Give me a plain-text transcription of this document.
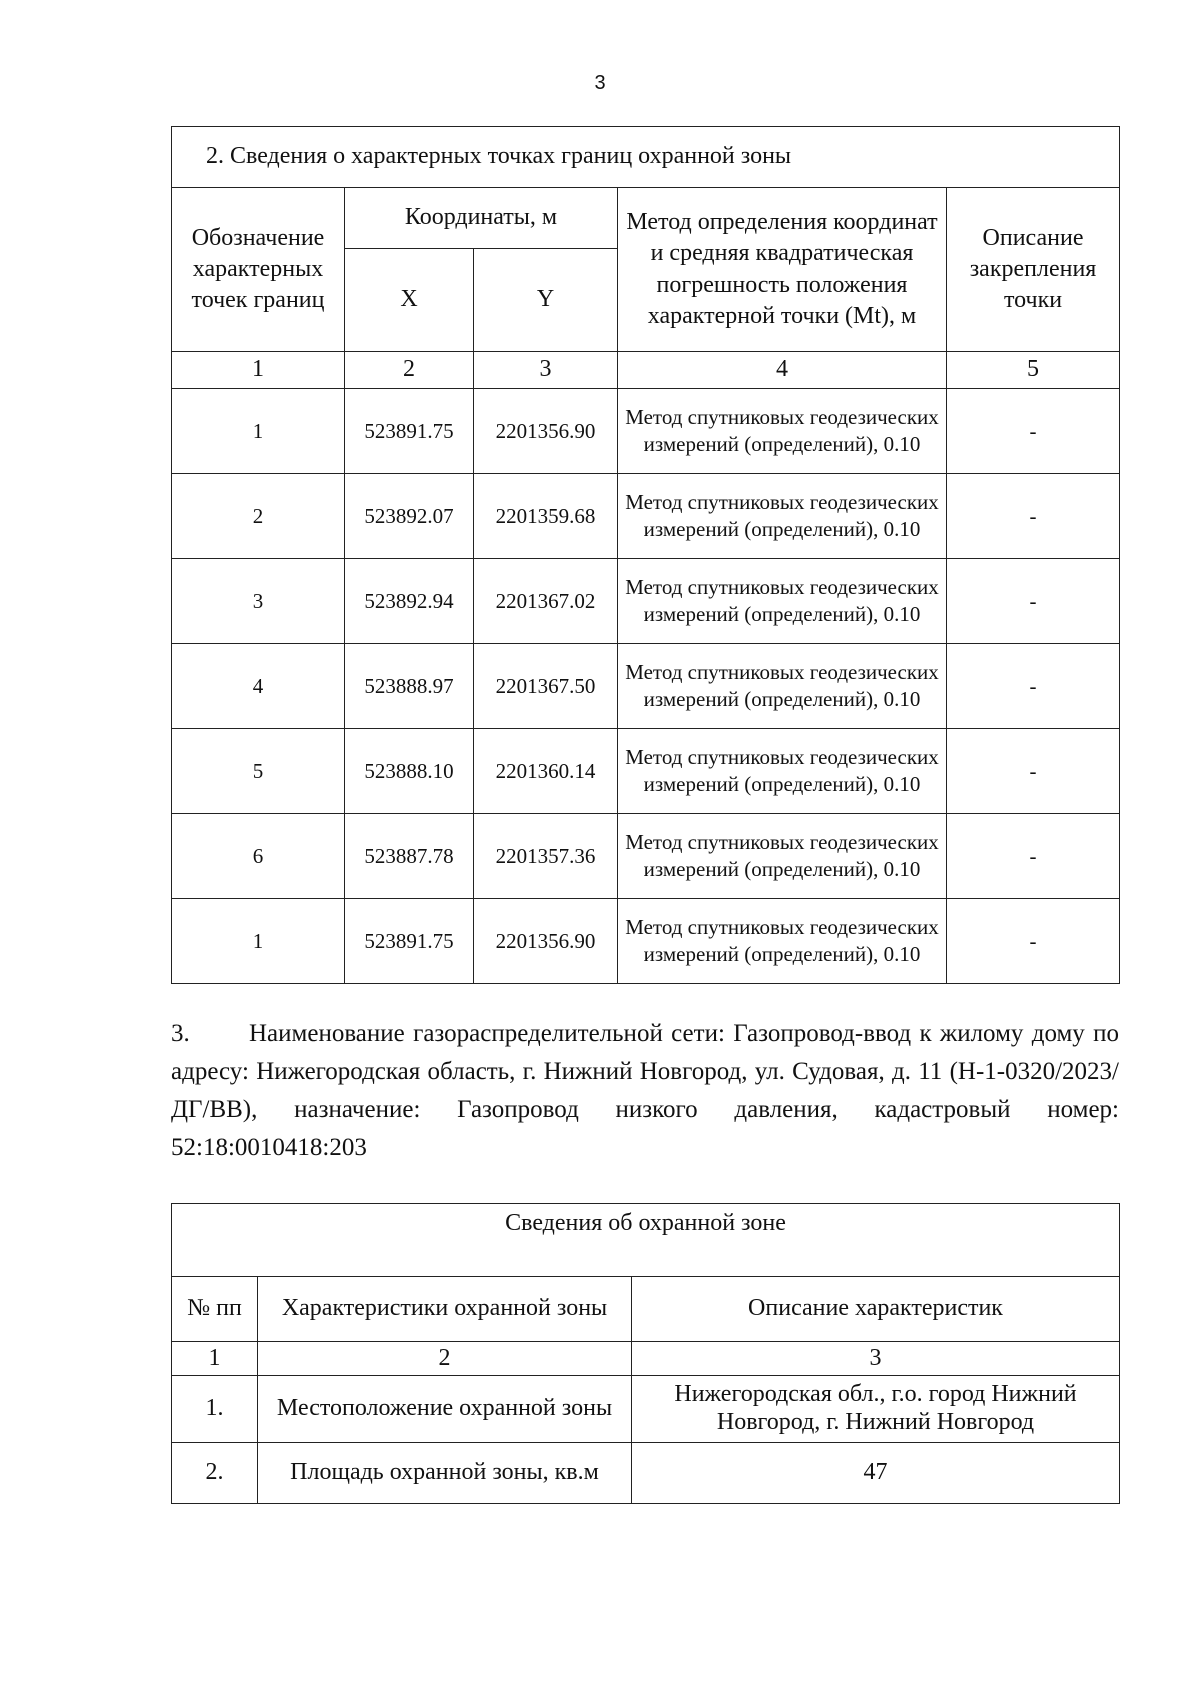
3
2. Сведения о характерных точках границ охранной зоны				
Обозначение характерных точек границ	Координаты, м		Метод определения координат и средняя квадратическая погрешность положения характерной точки (Mt), м	Описание закрепления точки
	X	Y		
1	2	3	4	5
1	523891.75	2201356.90	Метод спутниковых геодезических измерений (определений), 0.10	-
2	523892.07	2201359.68	Метод спутниковых геодезических измерений (определений), 0.10	-
3	523892.94	2201367.02	Метод спутниковых геодезических измерений (определений), 0.10	-
4	523888.97	2201367.50	Метод спутниковых геодезических измерений (определений), 0.10	-
5	523888.10	2201360.14	Метод спутниковых геодезических измерений (определений), 0.10	-
6	523887.78	2201357.36	Метод спутниковых геодезических измерений (определений), 0.10	-
1	523891.75	2201356.90	Метод спутниковых геодезических измерений (определений), 0.10	-
3. Наименование газораспределительной сети: Газопровод-ввод к жилому дому по адресу: Нижегородская область, г. Нижний Новгород, ул. Судовая, д. 11 (Н-1-0320/2023/ДГ/ВВ), назначение: Газопровод низкого давления, кадастровый номер: 52:18:0010418:203
Сведения об охранной зоне		
№ пп	Характеристики охранной зоны	Описание характеристик
1	2	3
1.	Местоположение охранной зоны	Нижегородская обл., г.о. город Нижний Новгород, г. Нижний Новгород
2.	Площадь охранной зоны, кв.м	47
